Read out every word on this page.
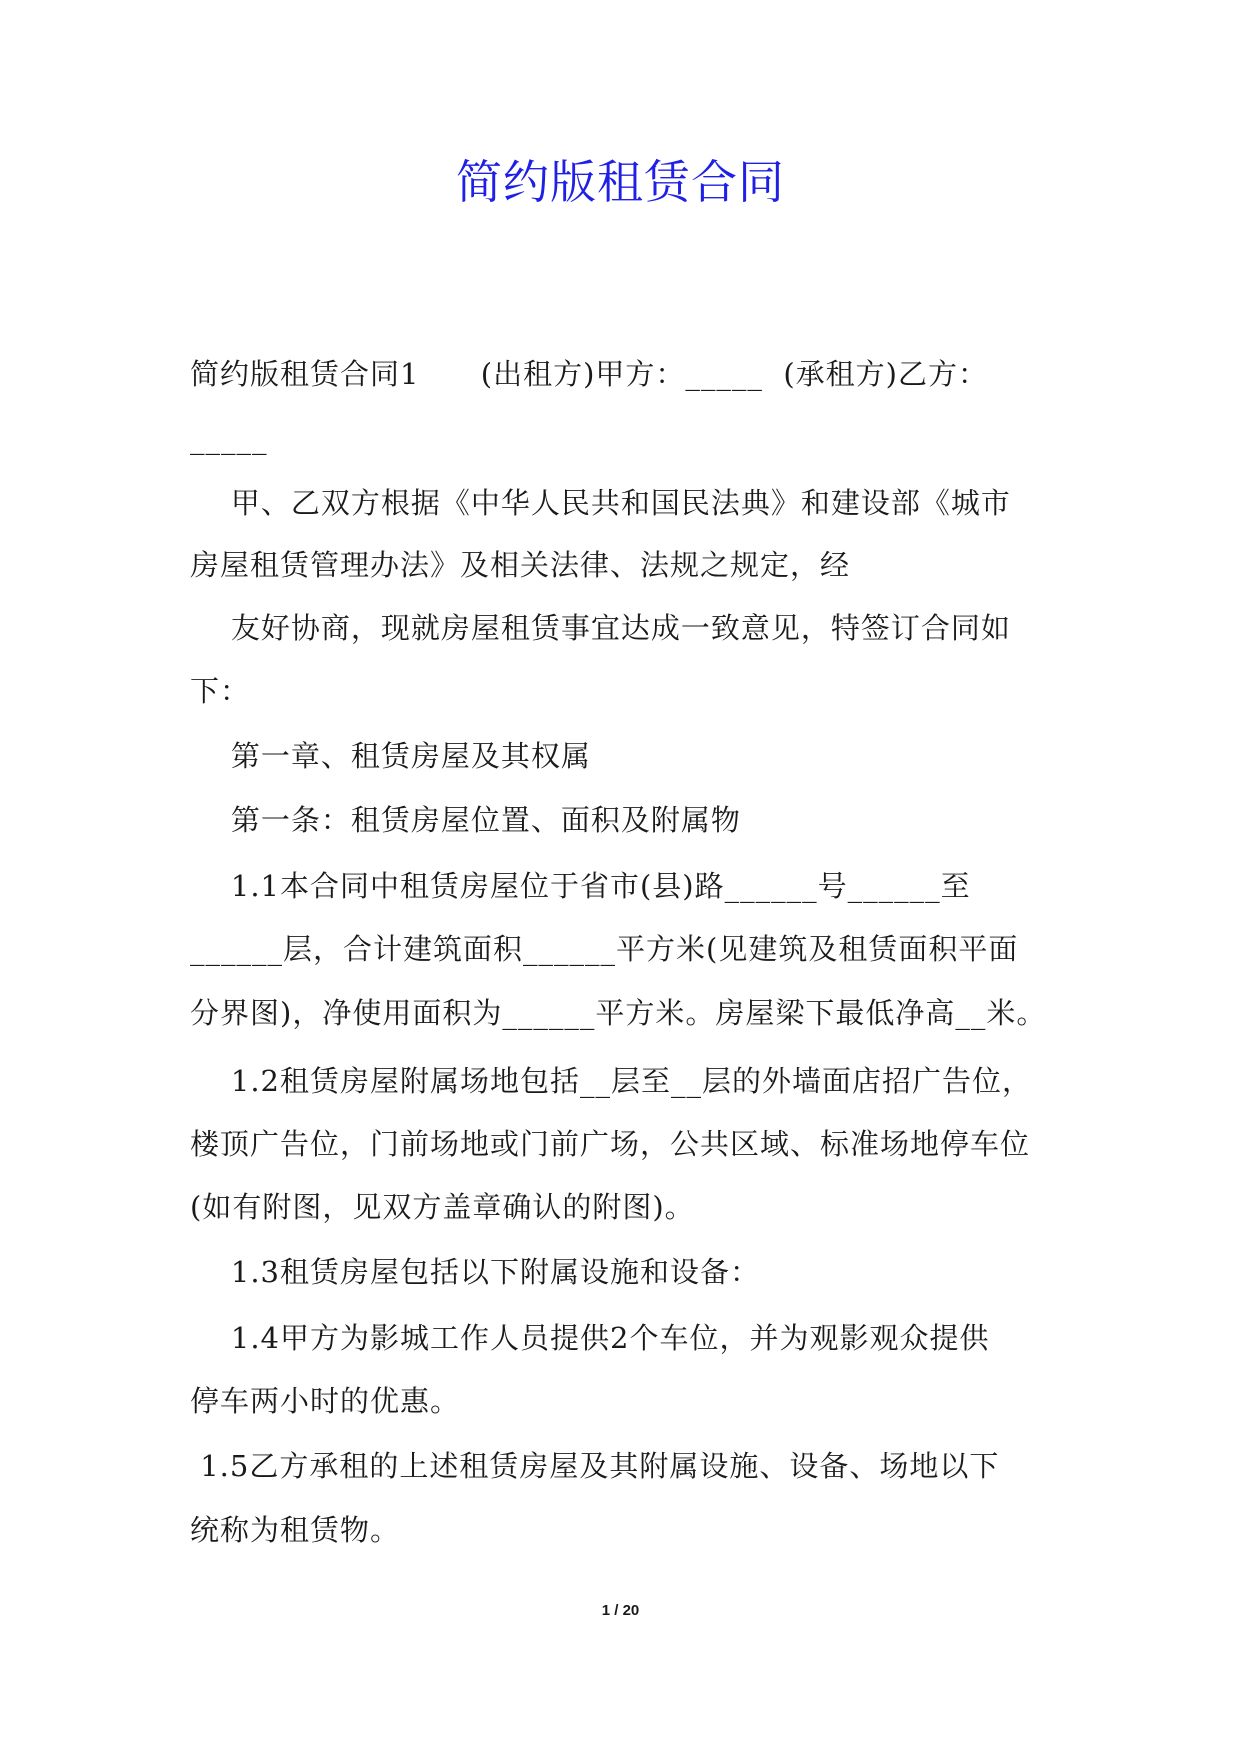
简约版租赁合同
简约版租赁合同1      (出租方)甲方：_____  (承租方)乙方：
_____
甲、乙双方根据《中华人民共和国民法典》和建设部《城市
房屋租赁管理办法》及相关法律、法规之规定，经
友好协商，现就房屋租赁事宜达成一致意见，特签订合同如
下：
第一章、租赁房屋及其权属
第一条：租赁房屋位置、面积及附属物
1.1本合同中租赁房屋位于省市(县)路______号______至
______层，合计建筑面积______平方米(见建筑及租赁面积平面
分界图)，净使用面积为______平方米。房屋梁下最低净高__米。
1.2租赁房屋附属场地包括__层至__层的外墙面店招广告位，
楼顶广告位，门前场地或门前广场，公共区域、标准场地停车位
(如有附图，见双方盖章确认的附图)。
1.3租赁房屋包括以下附属设施和设备：
1.4甲方为影城工作人员提供2个车位，并为观影观众提供
停车两小时的优惠。
1.5乙方承租的上述租赁房屋及其附属设施、设备、场地以下
统称为租赁物。
1 / 20
